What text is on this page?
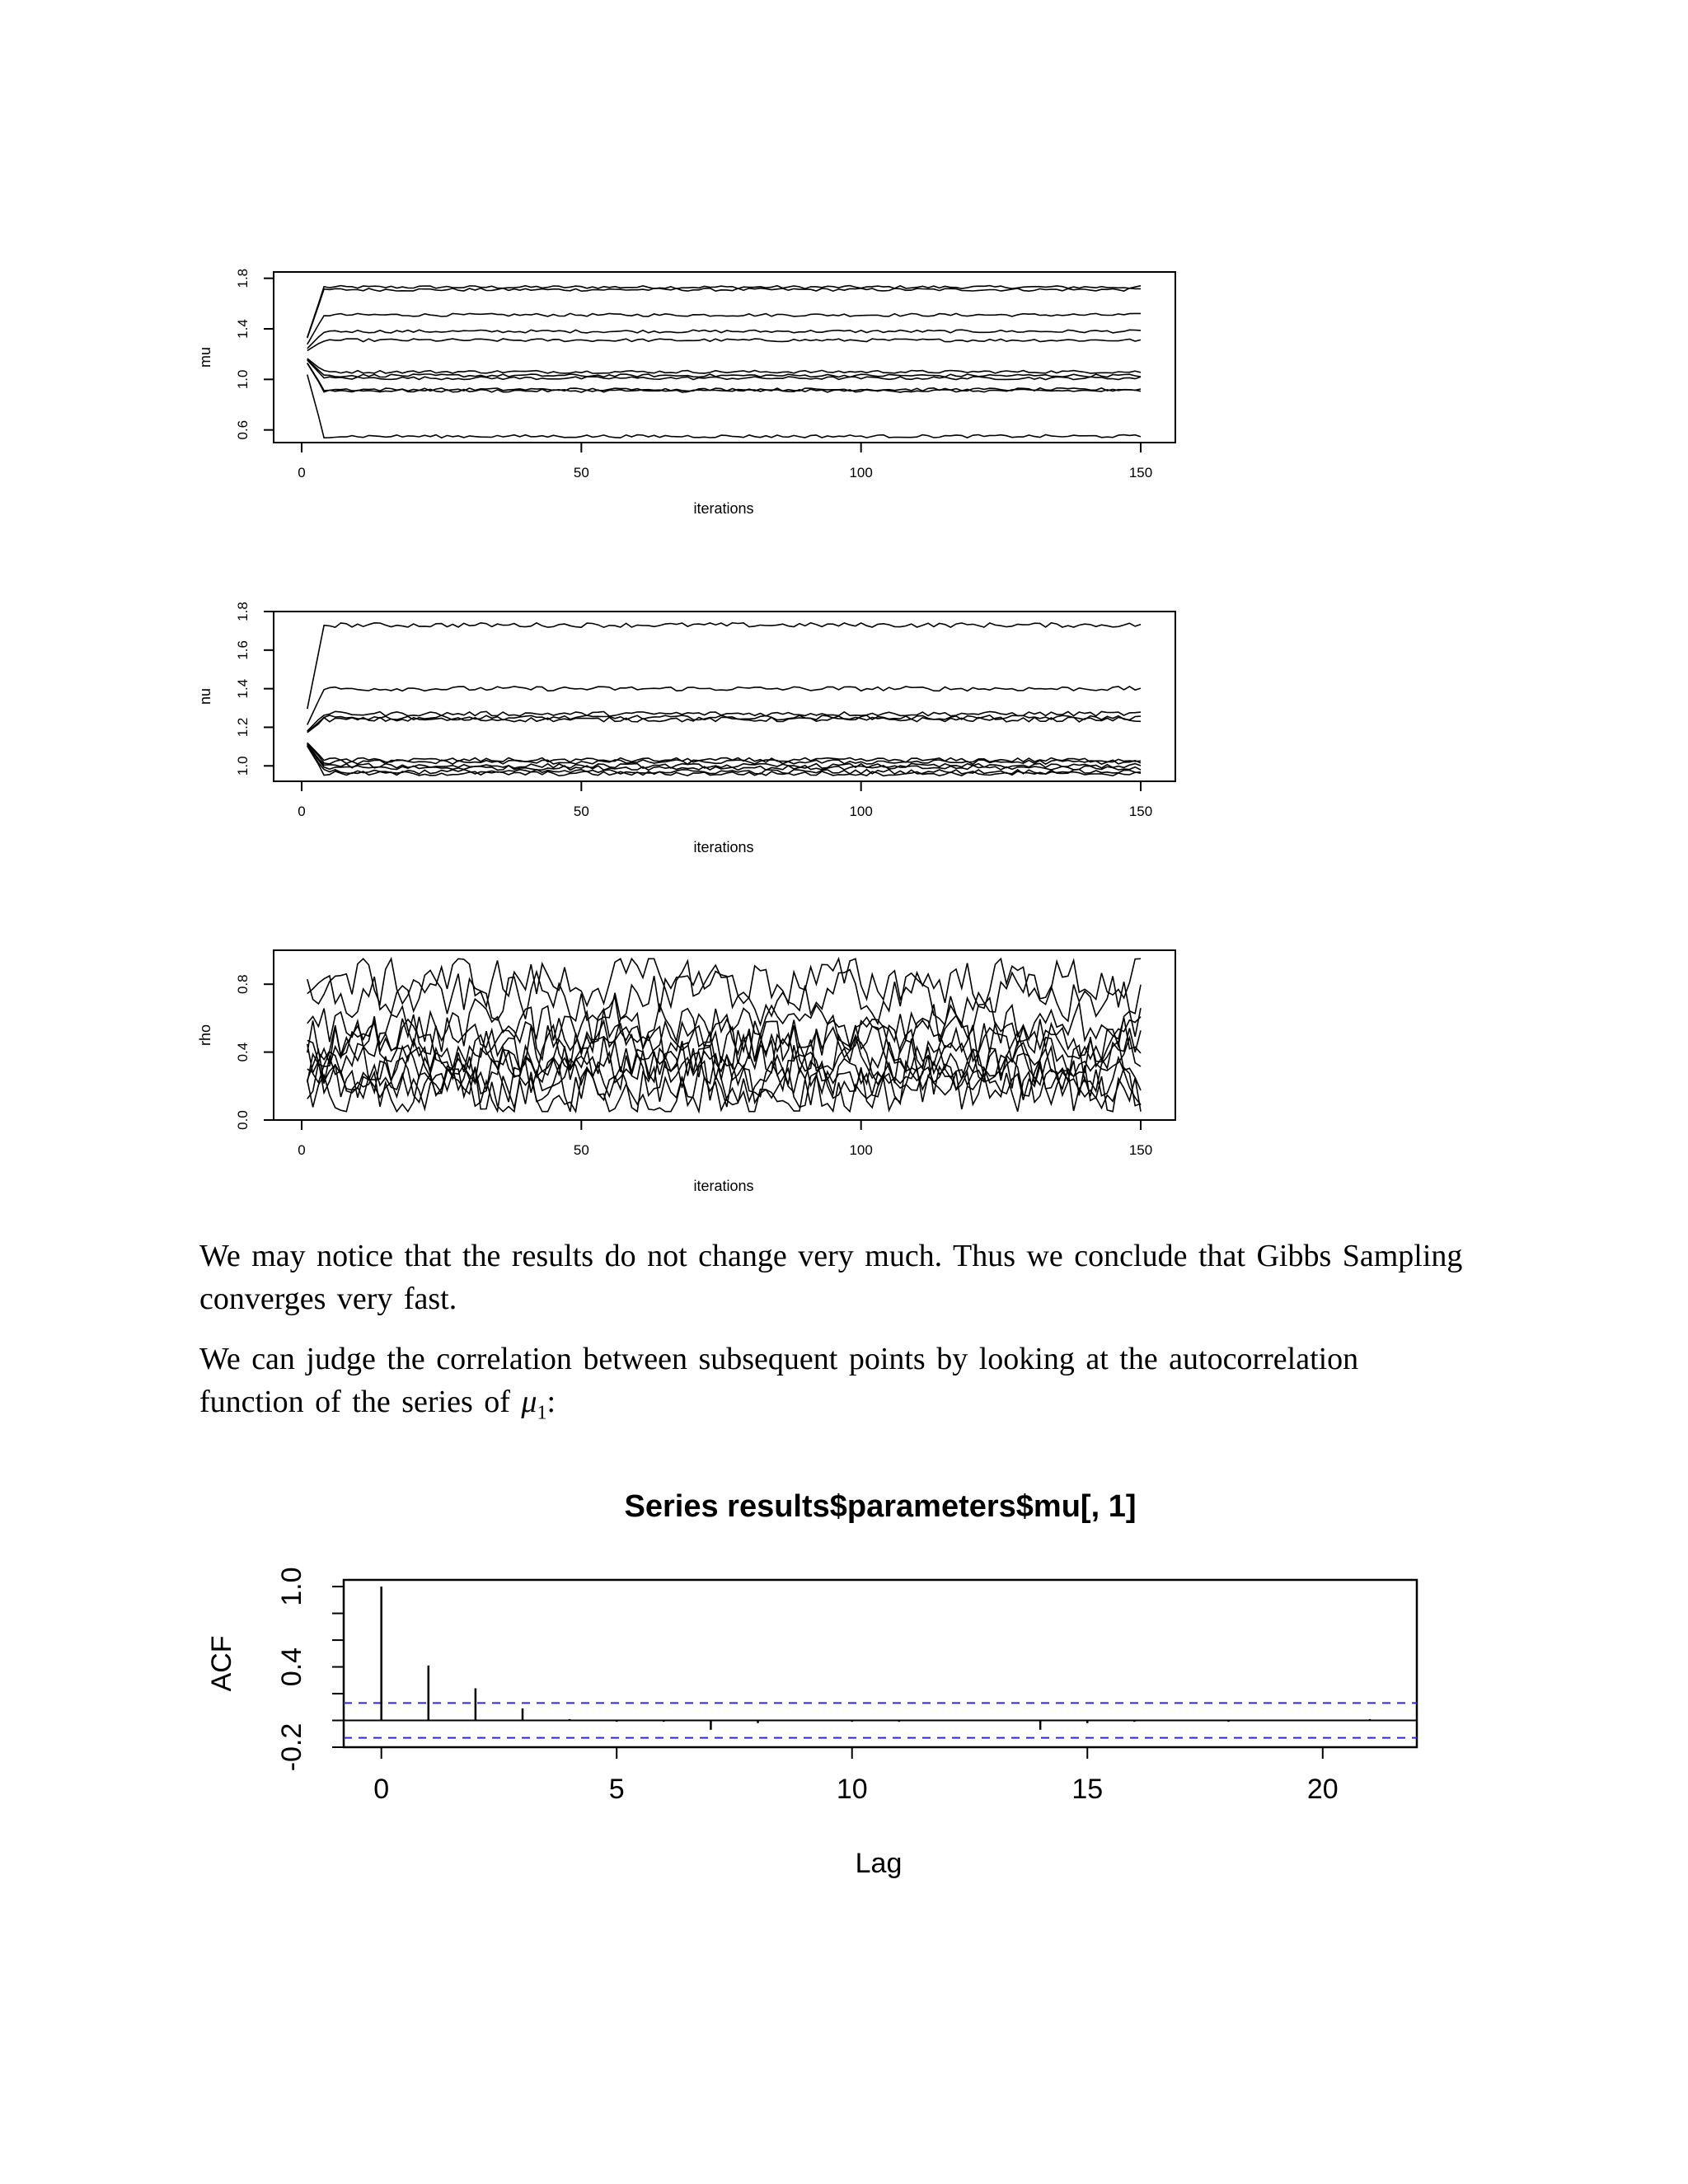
0	50	100	150
0.6
1.0
1.4
1.8
iterations
mu
0	50	100	150
1.0
1.2
1.4
1.6
1.8
iterations
nu
0	50	100	150
0.0
0.4
0.8
iterations
rho
Series results$parameters$mu[, 1]
0	5	10	15	20
-0.2
0.4
1.0
Lag
ACF

We may notice that the results do not change very much. Thus we conclude that Gibbs Sampling converges very fast.

We can judge the correlation between subsequent points by looking at the autocorrelation function of the series of $\mu_1$:
